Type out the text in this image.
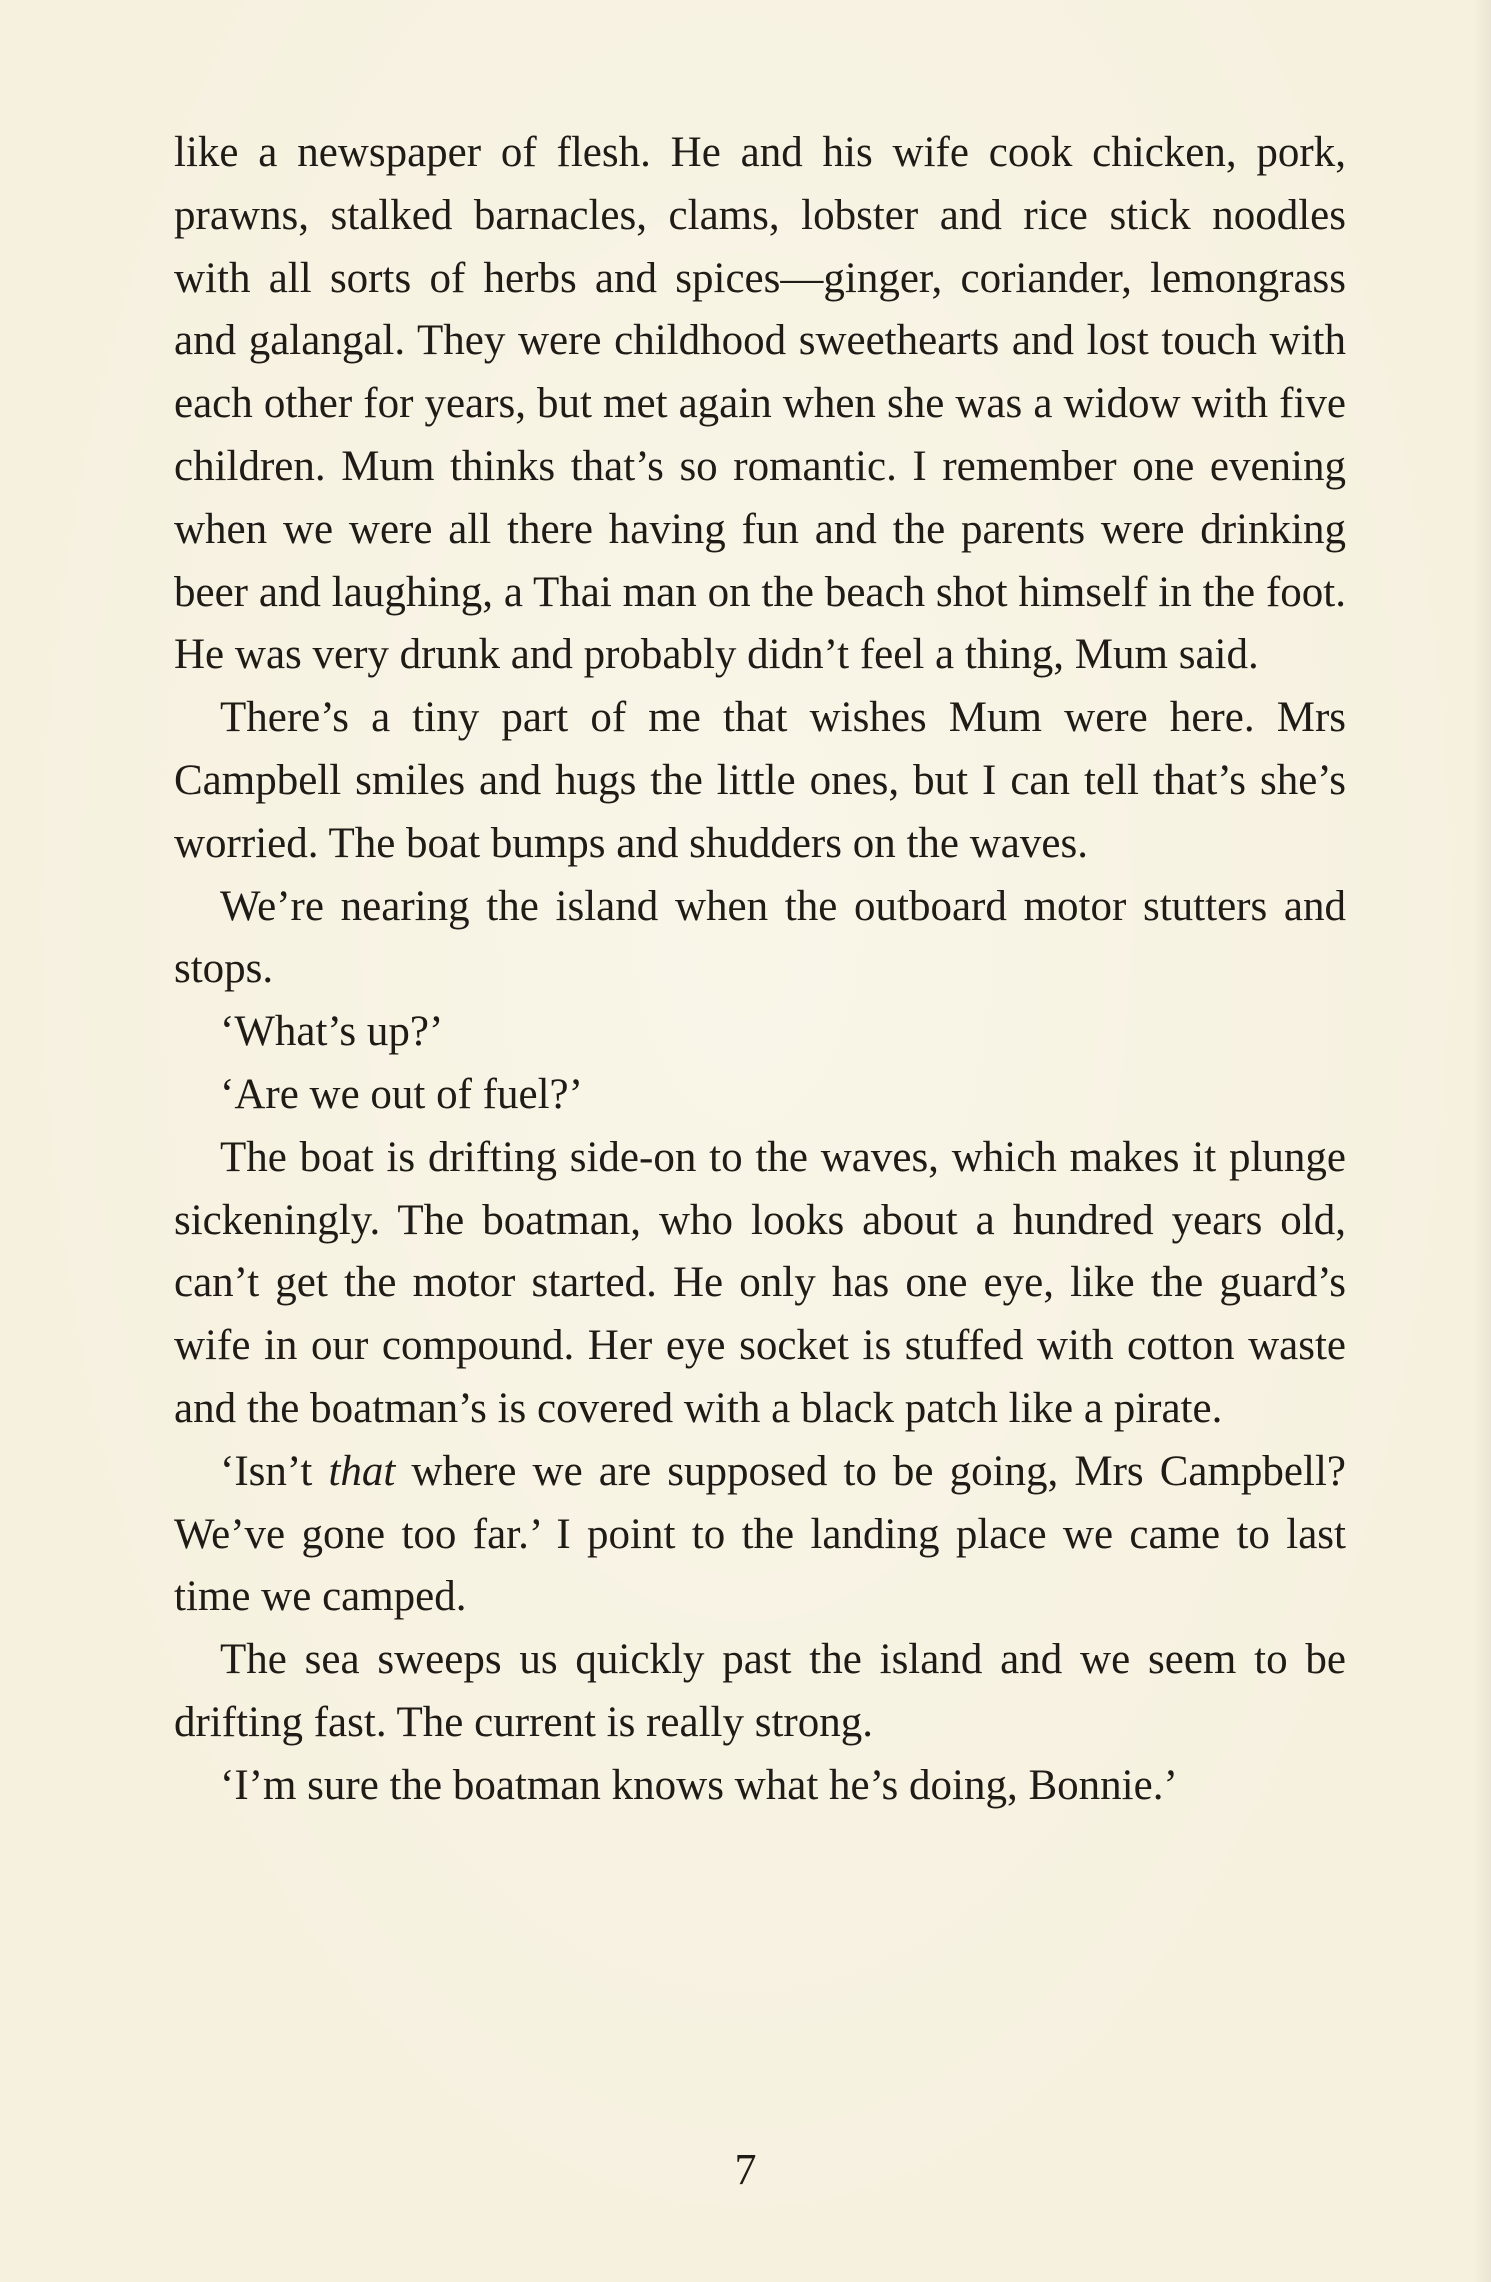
like a newspaper of flesh. He and his wife cook chicken, pork, prawns, stalked barnacles, clams, lobster and rice stick noodles with all sorts of herbs and spices—ginger, coriander, lemongrass and galangal. They were childhood sweethearts and lost touch with each other for years, but met again when she was a widow with five children. Mum thinks that’s so romantic. I remember one evening when we were all there having fun and the parents were drinking beer and laughing, a Thai man on the beach shot himself in the foot. He was very drunk and probably didn’t feel a thing, Mum said.

There’s a tiny part of me that wishes Mum were here. Mrs Campbell smiles and hugs the little ones, but I can tell that’s she’s worried. The boat bumps and shudders on the waves.

We’re nearing the island when the outboard motor stutters and stops.

‘What’s up?’

‘Are we out of fuel?’

The boat is drifting side-on to the waves, which makes it plunge sickeningly. The boatman, who looks about a hundred years old, can’t get the motor started. He only has one eye, like the guard’s wife in our compound. Her eye socket is stuffed with cotton waste and the boatman’s is covered with a black patch like a pirate.

‘Isn’t that where we are supposed to be going, Mrs Campbell? We’ve gone too far.’ I point to the landing place we came to last time we camped.

The sea sweeps us quickly past the island and we seem to be drifting fast. The current is really strong.

‘I’m sure the boatman knows what he’s doing, Bonnie.’

7
